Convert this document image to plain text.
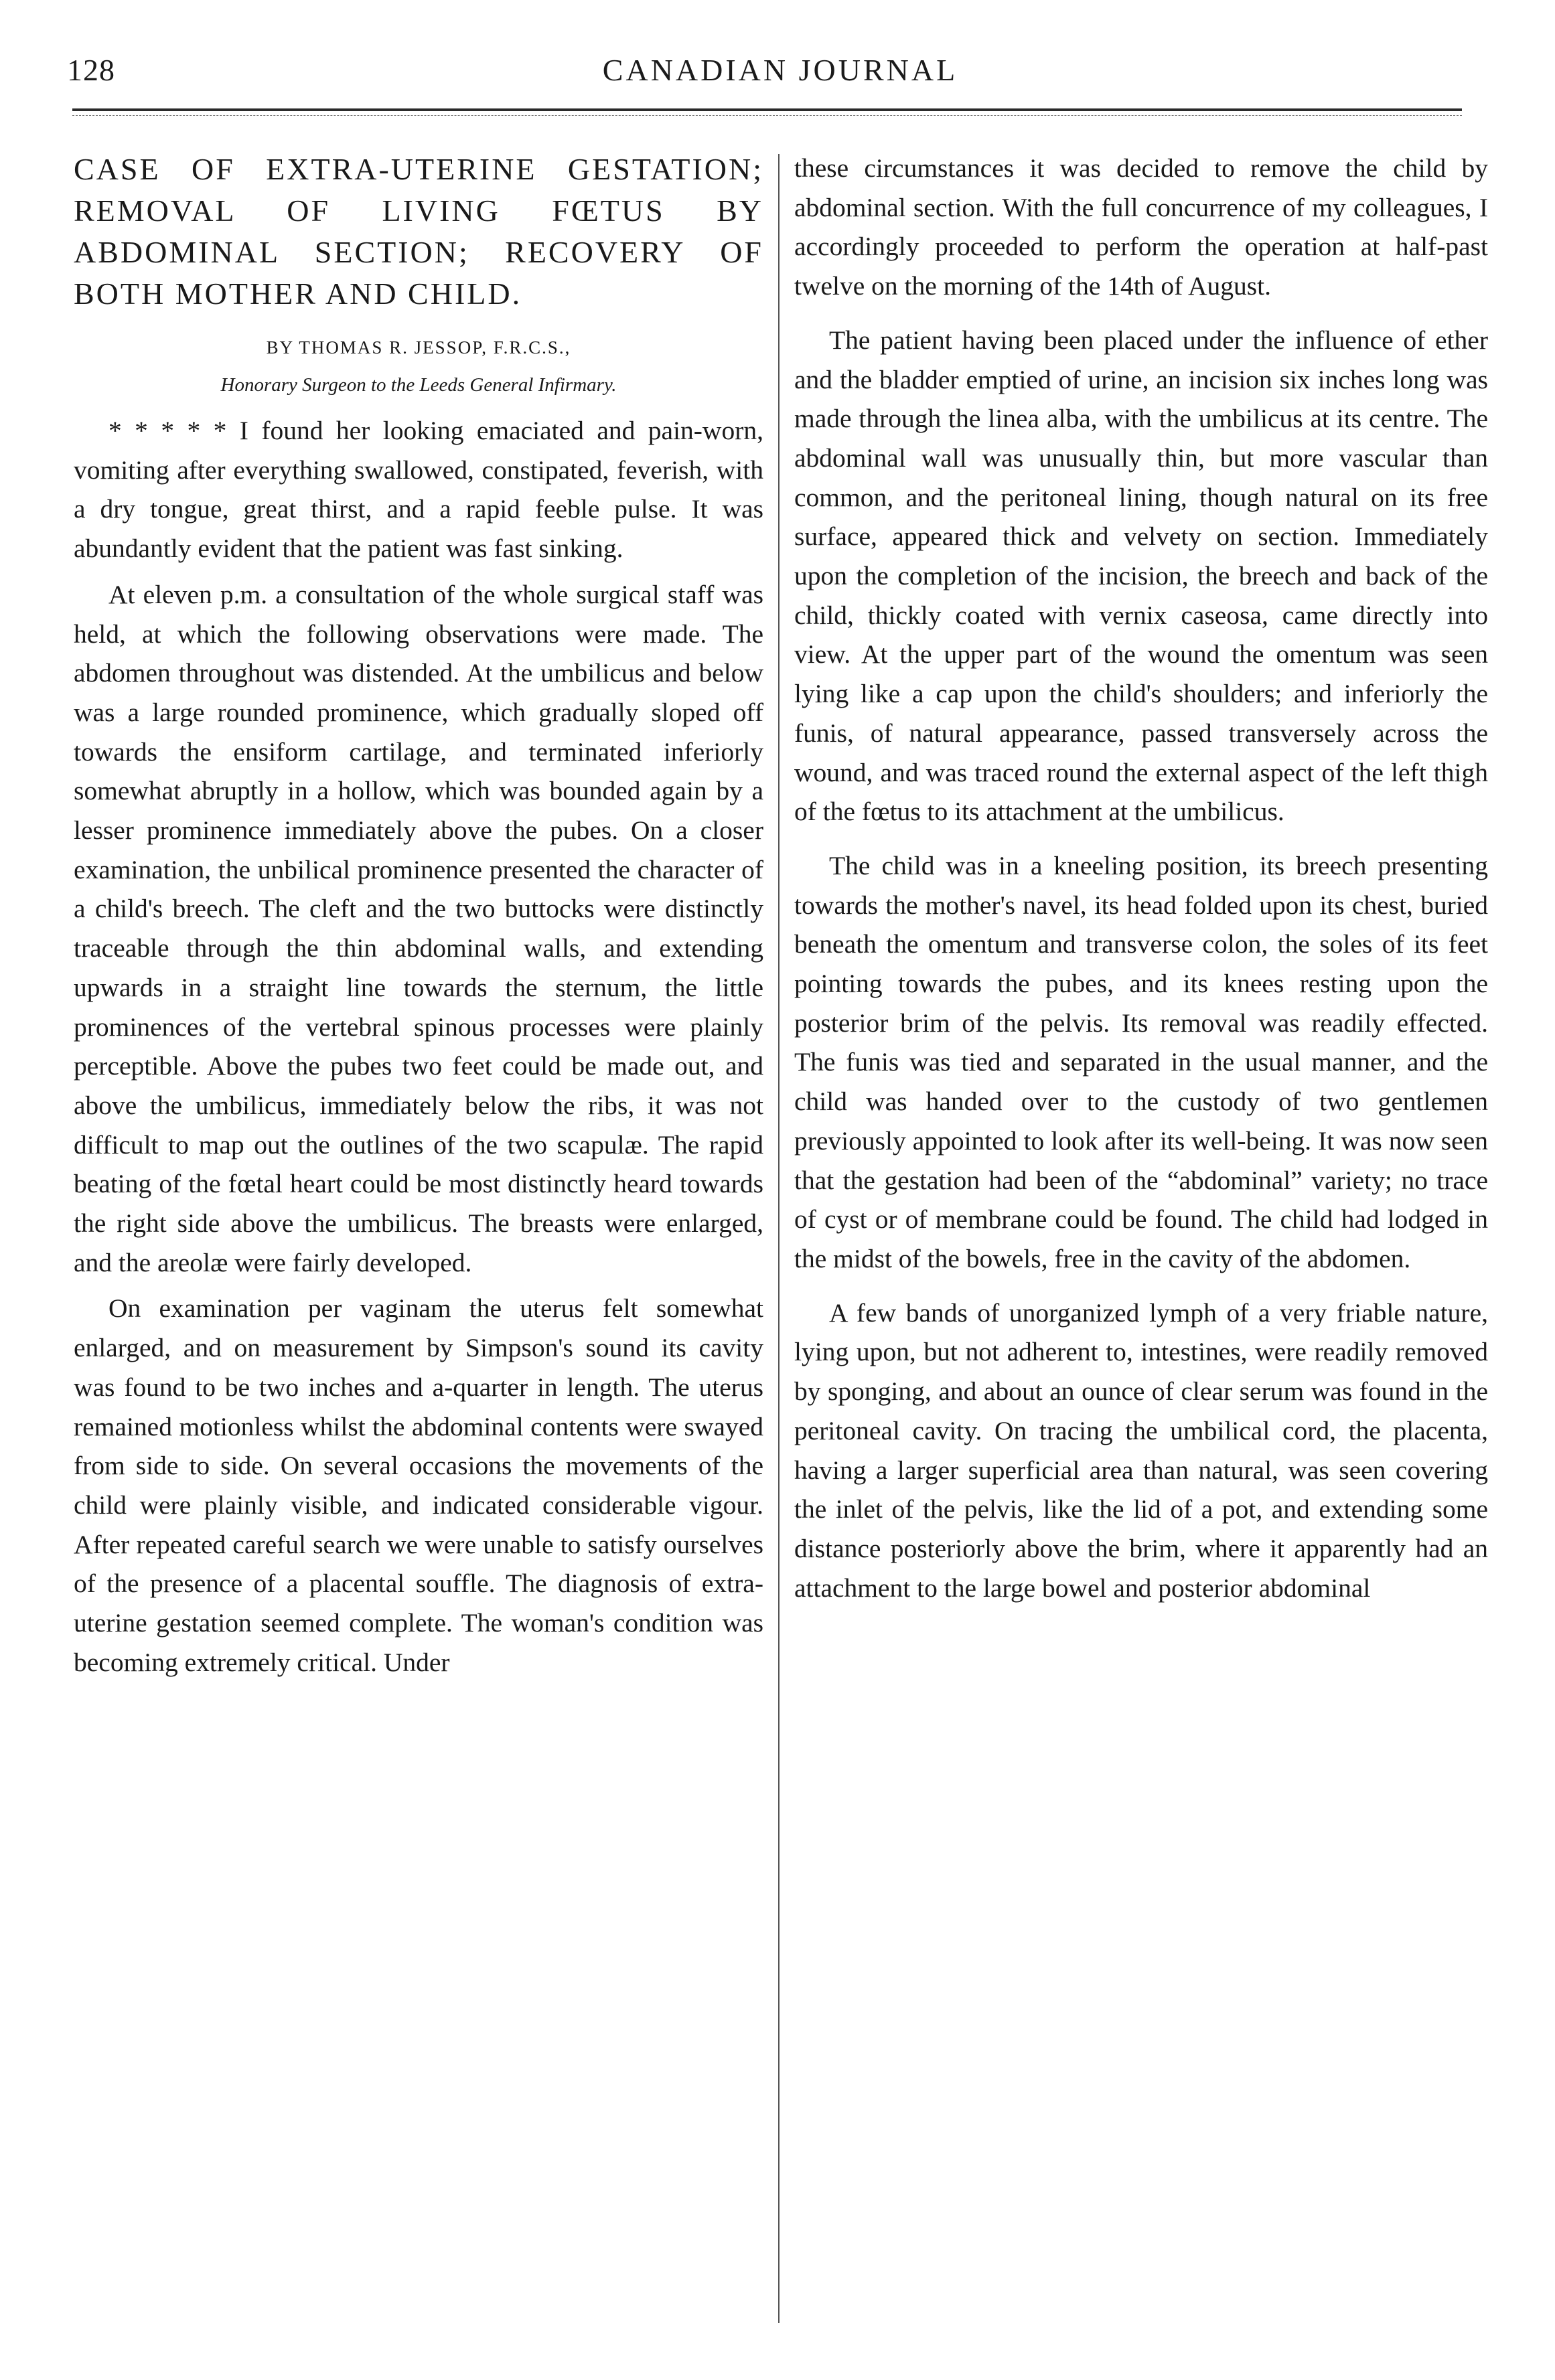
128	CANADIAN JOURNAL
CASE OF EXTRA-UTERINE GESTATION; REMOVAL OF LIVING FŒTUS BY ABDOMINAL SECTION; RECOVERY OF BOTH MOTHER AND CHILD.
BY THOMAS R. JESSOP, F.R.C.S.,
Honorary Surgeon to the Leeds General Infirmary.

* * * * * I found her looking emaciated and pain-worn, vomiting after everything swallowed, constipated, feverish, with a dry tongue, great thirst, and a rapid feeble pulse. It was abundantly evident that the patient was fast sinking.

At eleven p.m. a consultation of the whole surgical staff was held, at which the following observations were made. The abdomen throughout was distended. At the umbilicus and below was a large rounded prominence, which gradually sloped off towards the ensiform cartilage, and terminated inferiorly somewhat abruptly in a hollow, which was bounded again by a lesser prominence immediately above the pubes. On a closer examination, the unbilical prominence presented the character of a child's breech. The cleft and the two buttocks were distinctly traceable through the thin abdominal walls, and extending upwards in a straight line towards the sternum, the little prominences of the vertebral spinous processes were plainly perceptible. Above the pubes two feet could be made out, and above the umbilicus, immediately below the ribs, it was not difficult to map out the outlines of the two scapulæ. The rapid beating of the fœtal heart could be most distinctly heard towards the right side above the umbilicus. The breasts were enlarged, and the areolæ were fairly developed.

On examination per vaginam the uterus felt somewhat enlarged, and on measurement by Simpson's sound its cavity was found to be two inches and a-quarter in length. The uterus remained motionless whilst the abdominal contents were swayed from side to side. On several occasions the movements of the child were plainly visible, and indicated considerable vigour. After repeated careful search we were unable to satisfy ourselves of the presence of a placental souffle. The diagnosis of extra-uterine gestation seemed complete. The woman's condition was becoming extremely critical. Under

these circumstances it was decided to remove the child by abdominal section. With the full concurrence of my colleagues, I accordingly proceeded to perform the operation at half-past twelve on the morning of the 14th of August.

The patient having been placed under the influence of ether and the bladder emptied of urine, an incision six inches long was made through the linea alba, with the umbilicus at its centre. The abdominal wall was unusually thin, but more vascular than common, and the peritoneal lining, though natural on its free surface, appeared thick and velvety on section. Immediately upon the completion of the incision, the breech and back of the child, thickly coated with vernix caseosa, came directly into view. At the upper part of the wound the omentum was seen lying like a cap upon the child's shoulders; and inferiorly the funis, of natural appearance, passed transversely across the wound, and was traced round the external aspect of the left thigh of the fœtus to its attachment at the umbilicus.

The child was in a kneeling position, its breech presenting towards the mother's navel, its head folded upon its chest, buried beneath the omentum and transverse colon, the soles of its feet pointing towards the pubes, and its knees resting upon the posterior brim of the pelvis. Its removal was readily effected. The funis was tied and separated in the usual manner, and the child was handed over to the custody of two gentlemen previously appointed to look after its well-being. It was now seen that the gestation had been of the “abdominal” variety; no trace of cyst or of membrane could be found. The child had lodged in the midst of the bowels, free in the cavity of the abdomen.

A few bands of unorganized lymph of a very friable nature, lying upon, but not adherent to, intestines, were readily removed by sponging, and about an ounce of clear serum was found in the peritoneal cavity. On tracing the umbilical cord, the placenta, having a larger superficial area than natural, was seen covering the inlet of the pelvis, like the lid of a pot, and extending some distance posteriorly above the brim, where it apparently had an attachment to the large bowel and posterior abdominal
